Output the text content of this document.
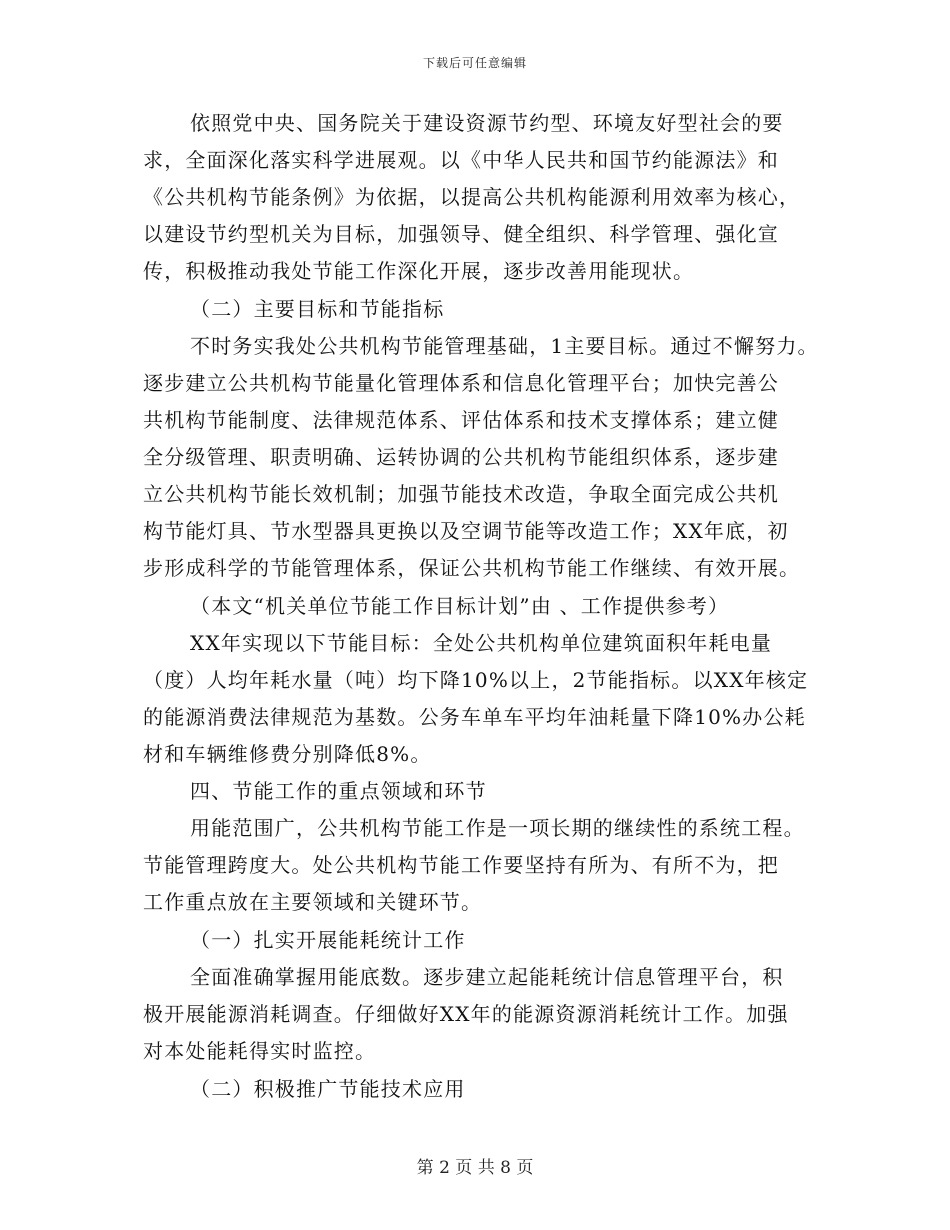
下载后可任意编辑
依照党中央、国务院关于建设资源节约型、环境友好型社会的要
求，全面深化落实科学进展观。以《中华人民共和国节约能源法》和
《公共机构节能条例》为依据，以提高公共机构能源利用效率为核心，
以建设节约型机关为目标，加强领导、健全组织、科学管理、强化宣
传，积极推动我处节能工作深化开展，逐步改善用能现状。
（二）主要目标和节能指标
不时务实我处公共机构节能管理基础，1主要目标。通过不懈努力。
逐步建立公共机构节能量化管理体系和信息化管理平台；加快完善公
共机构节能制度、法律规范体系、评估体系和技术支撑体系；建立健
全分级管理、职责明确、运转协调的公共机构节能组织体系，逐步建
立公共机构节能长效机制；加强节能技术改造，争取全面完成公共机
构节能灯具、节水型器具更换以及空调节能等改造工作；XX年底，初
步形成科学的节能管理体系，保证公共机构节能工作继续、有效开展。
（本文“机关单位节能工作目标计划”由 、工作提供参考）
XX年实现以下节能目标：全处公共机构单位建筑面积年耗电量
（度）人均年耗水量（吨）均下降10%以上，2节能指标。以XX年核定
的能源消费法律规范为基数。公务车单车平均年油耗量下降10%办公耗
材和车辆维修费分别降低8%。
四、节能工作的重点领域和环节
用能范围广，公共机构节能工作是一项长期的继续性的系统工程。
节能管理跨度大。处公共机构节能工作要坚持有所为、有所不为，把
工作重点放在主要领域和关键环节。
（一）扎实开展能耗统计工作
全面准确掌握用能底数。逐步建立起能耗统计信息管理平台，积
极开展能源消耗调查。仔细做好XX年的能源资源消耗统计工作。加强
对本处能耗得实时监控。
（二）积极推广节能技术应用
第 2 页 共 8 页
